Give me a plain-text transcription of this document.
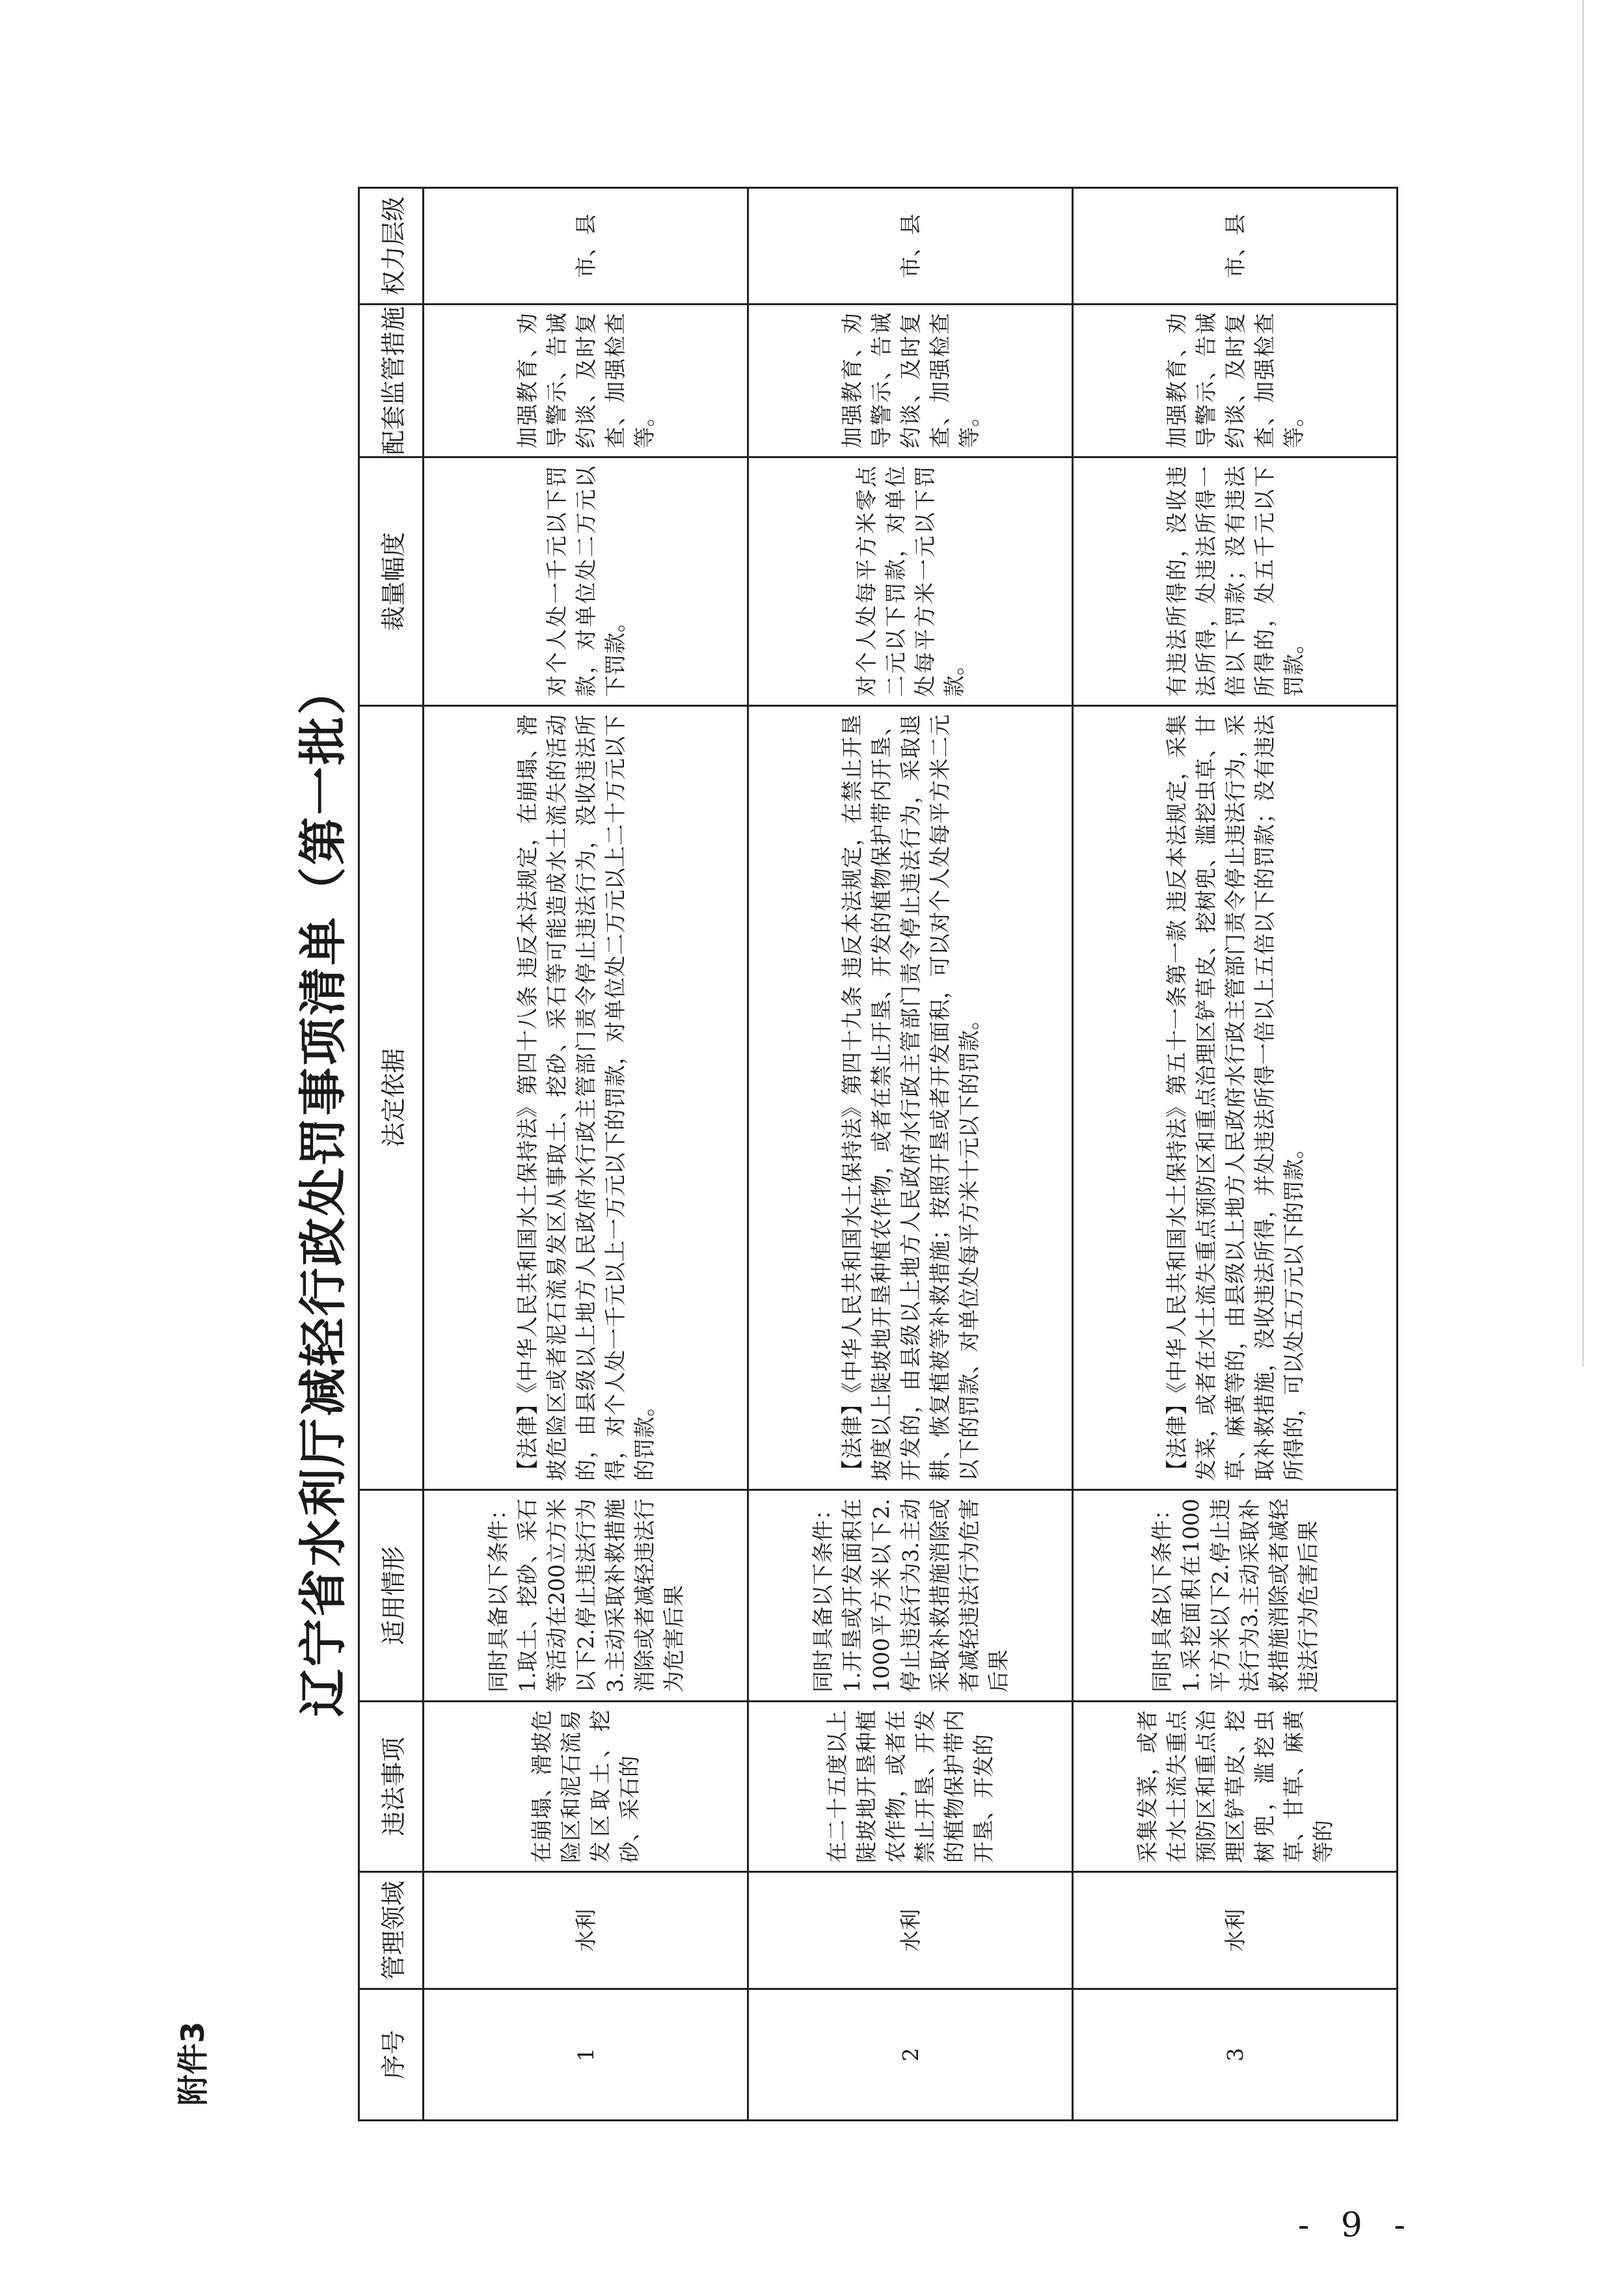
附件3
辽宁省水利厅减轻行政处罚事项清单（第一批）
序号	管理领域	违法事项	适用情形	法定依据	裁量幅度	配套监管措施	权力层级
1	水利	在崩塌、滑坡危险区和泥石流易发区取土、挖砂、采石的	同时具备以下条件：1.取土、挖砂、采石等活动在200立方米以下2.停止违法行为3.主动采取补救措施消除或者减轻违法行为危害后果	【法律】《中华人民共和国水土保持法》第四十八条 违反本法规定，在崩塌、滑坡危险区或者泥石流易发区从事取土、挖砂、采石等可能造成水土流失的活动的，由县级以上地方人民政府水行政主管部门责令停止违法行为，没收违法所得，对个人处一千元以上一万元以下的罚款，对单位处二万元以上二十万元以下的罚款。	对个人处一千元以下罚款，对单位处二万元以下罚款。	加强教育、劝导警示、告诫约谈、及时复查、加强检查等。	市、县
2	水利	在二十五度以上陡坡地开垦种植农作物，或者在禁止开垦、开发的植物保护带内开垦、开发的	同时具备以下条件：1.开垦或开发面积在1000平方米以下2.停止违法行为3.主动采取补救措施消除或者减轻违法行为危害后果	【法律】《中华人民共和国水土保持法》第四十九条 违反本法规定，在禁止开垦坡度以上陡坡地开垦种植农作物，或者在禁止开垦、开发的植物保护带内开垦、开发的，由县级以上地方人民政府水行政主管部门责令停止违法行为，采取退耕、恢复植被等补救措施；按照开垦或者开发面积，可以对个人处每平方米二元以下的罚款、对单位处每平方米十元以下的罚款。	对个人处每平方米零点二元以下罚款，对单位处每平方米一元以下罚款。	加强教育、劝导警示、告诫约谈、及时复查、加强检查等。	市、县
3	水利	采集发菜，或者在水土流失重点预防区和重点治理区铲草皮、挖树兜，滥挖虫草、甘草、麻黄等的	同时具备以下条件：1.采挖面积在1000平方米以下2.停止违法行为3.主动采取补救措施消除或者减轻违法行为危害后果	【法律】《中华人民共和国水土保持法》第五十一条第一款 违反本法规定，采集发菜，或者在水土流失重点预防区和重点治理区铲草皮、挖树兜、滥挖虫草、甘草、麻黄等的，由县级以上地方人民政府水行政主管部门责令停止违法行为，采取补救措施，没收违法所得，并处违法所得一倍以上五倍以下的罚款；没有违法所得的，可以处五万元以下的罚款。	有违法所得的，没收违法所得，处违法所得一倍以下罚款；没有违法所得的，处五千元以下罚款。	加强教育、劝导警示、告诫约谈、及时复查、加强检查等。	市、县
- 9 -
